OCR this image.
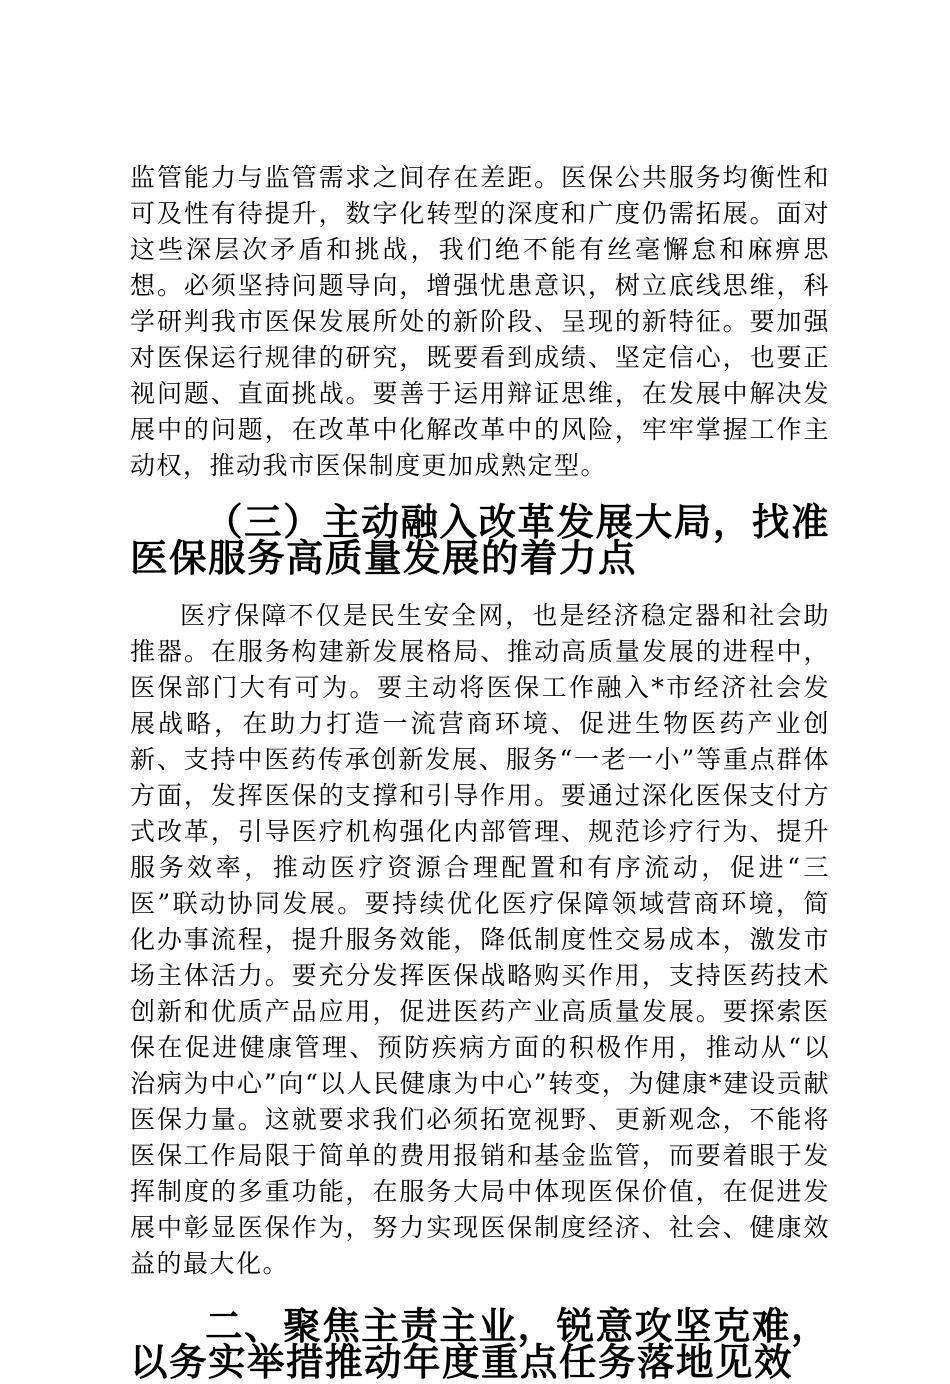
监管能力与监管需求之间存在差距。医保公共服务均衡性和可及性有待提升，数字化转型的深度和广度仍需拓展。面对这些深层次矛盾和挑战，我们绝不能有丝毫懈怠和麻痹思想。必须坚持问题导向，增强忧患意识，树立底线思维，科学研判我市医保发展所处的新阶段、呈现的新特征。要加强对医保运行规律的研究，既要看到成绩、坚定信心，也要正视问题、直面挑战。要善于运用辩证思维，在发展中解决发展中的问题，在改革中化解改革中的风险，牢牢掌握工作主动权，推动我市医保制度更加成熟定型。

（三）主动融入改革发展大局，找准医保服务高质量发展的着力点

医疗保障不仅是民生安全网，也是经济稳定器和社会助推器。在服务构建新发展格局、推动高质量发展的进程中，医保部门大有可为。要主动将医保工作融入*市经济社会发展战略，在助力打造一流营商环境、促进生物医药产业创新、支持中医药传承创新发展、服务“一老一小”等重点群体方面，发挥医保的支撑和引导作用。要通过深化医保支付方式改革，引导医疗机构强化内部管理、规范诊疗行为、提升服务效率，推动医疗资源合理配置和有序流动，促进“三医”联动协同发展。要持续优化医疗保障领域营商环境，简化办事流程，提升服务效能，降低制度性交易成本，激发市场主体活力。要充分发挥医保战略购买作用，支持医药技术创新和优质产品应用，促进医药产业高质量发展。要探索医保在促进健康管理、预防疾病方面的积极作用，推动从“以治病为中心”向“以人民健康为中心”转变，为健康*建设贡献医保力量。这就要求我们必须拓宽视野、更新观念，不能将医保工作局限于简单的费用报销和基金监管，而要着眼于发挥制度的多重功能，在服务大局中体现医保价值，在促进发展中彰显医保作为，努力实现医保制度经济、社会、健康效益的最大化。

二、聚焦主责主业，锐意攻坚克难，以务实举措推动年度重点任务落地见效
